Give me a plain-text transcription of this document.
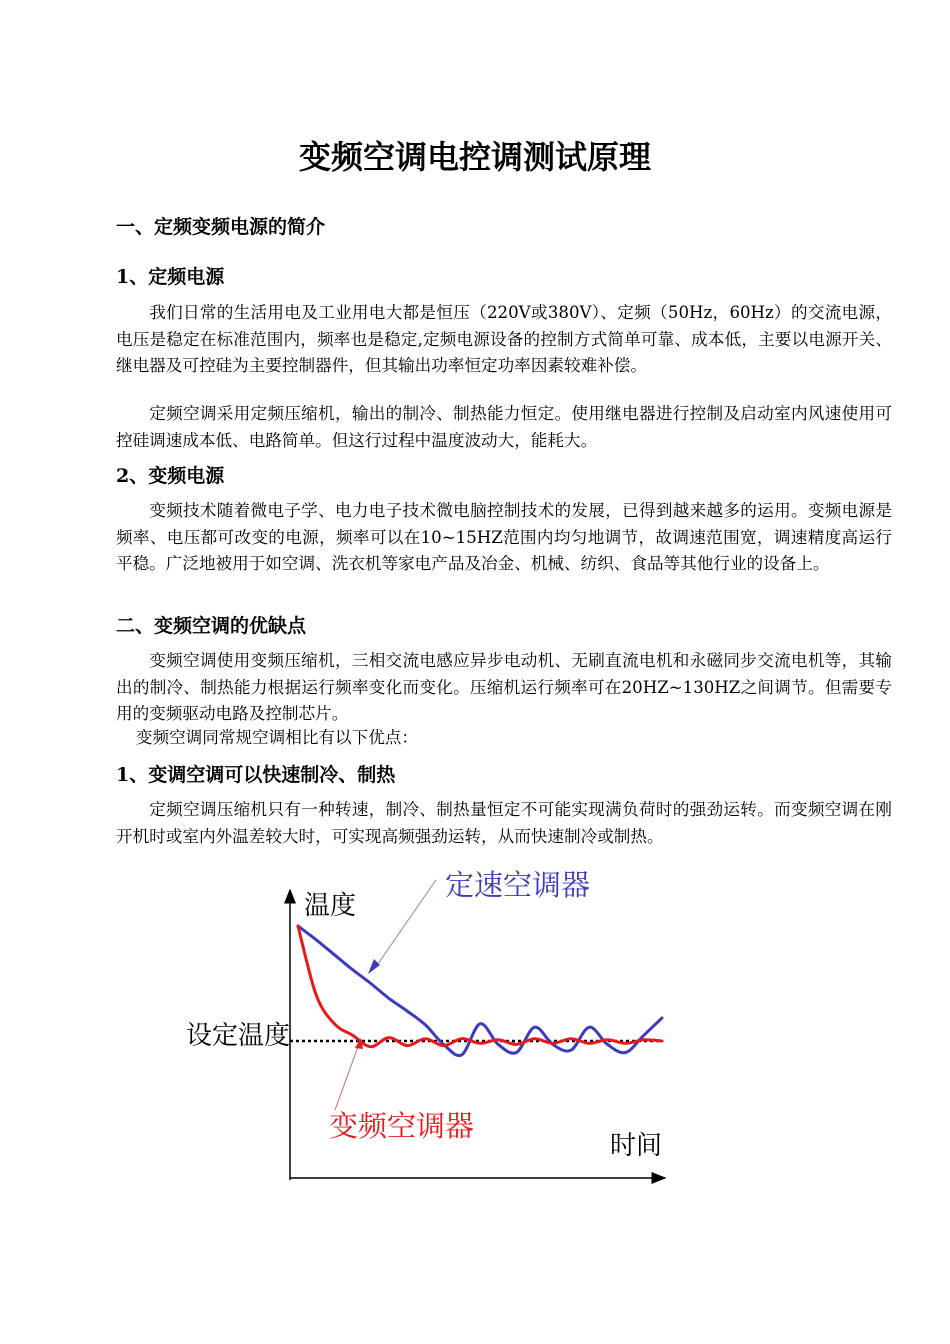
变频空调电控调测试原理
一、定频变频电源的简介
1、定频电源

我们日常的生活用电及工业用电大都是恒压（220V或380V）、定频（50Hz，60Hz）的交流电源，电压是稳定在标准范围内，频率也是稳定,定频电源设备的控制方式简单可靠、成本低，主要以电源开关、继电器及可控硅为主要控制器件，但其输出功率恒定功率因素较难补偿。

定频空调采用定频压缩机，输出的制冷、制热能力恒定。使用继电器进行控制及启动室内风速使用可控硅调速成本低、电路简单。但这行过程中温度波动大，能耗大。

2、变频电源

变频技术随着微电子学、电力电子技术微电脑控制技术的发展，已得到越来越多的运用。变频电源是频率、电压都可改变的电源，频率可以在10~15HZ范围内均匀地调节，故调速范围宽，调速精度高运行平稳。广泛地被用于如空调、洗衣机等家电产品及冶金、机械、纺织、食品等其他行业的设备上。

二、变频空调的优缺点

变频空调使用变频压缩机，三相交流电感应异步电动机、无刷直流电机和永磁同步交流电机等，其输出的制冷、制热能力根据运行频率变化而变化。压缩机运行频率可在20HZ~130HZ之间调节。但需要专用的变频驱动电路及控制芯片。

变频空调同常规空调相比有以下优点：

1、变调空调可以快速制冷、制热

定频空调压缩机只有一种转速，制冷、制热量恒定不可能实现满负荷时的强劲运转。而变频空调在刚开机时或室内外温差较大时，可实现高频强劲运转，从而快速制冷或制热。

温度
时间
设定温度
定速空调器
变频空调器
